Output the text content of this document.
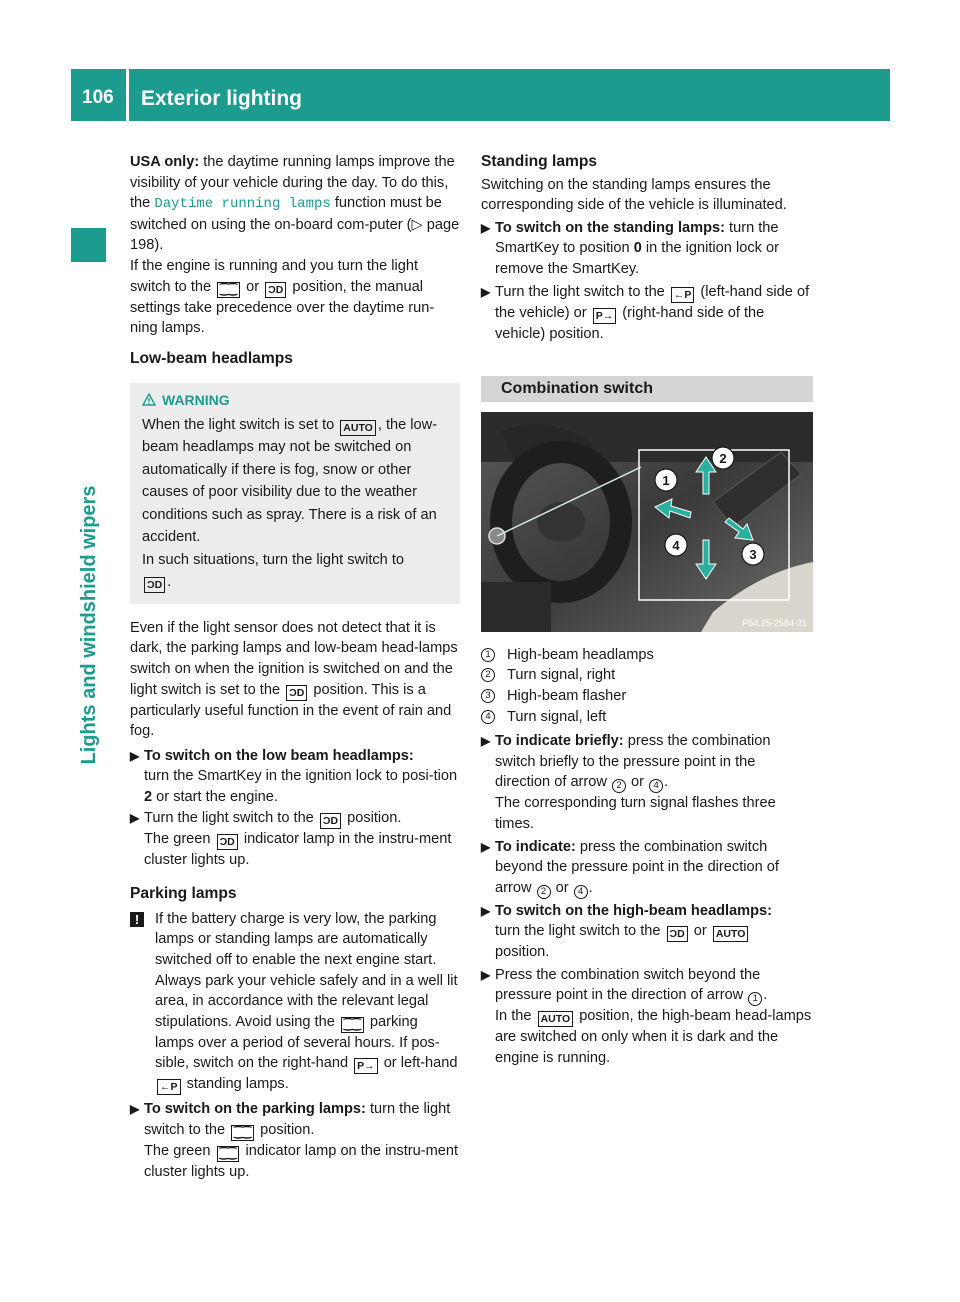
106	Exterior lighting
Lights and windshield wipers

USA only: the daytime running lamps improve the visibility of your vehicle during the day. To do this, the Daytime running lamps function must be switched on using the on-board com-puter (▷ page 198).

If the engine is running and you turn the light switch to the ⁐⁐ or ƆD position, the manual settings take precedence over the daytime run-ning lamps.

Low-beam headlamps
WARNING

When the light switch is set to AUTO , the low-beam headlamps may not be switched on automatically if there is fog, snow or other causes of poor visibility due to the weather conditions such as spray. There is a risk of an accident.

In such situations, turn the light switch to
ƆD .

Even if the light sensor does not detect that it is dark, the parking lamps and low-beam head-lamps switch on when the ignition is switched on and the light switch is set to the ƆD position. This is a particularly useful function in the event of rain and fog.

▶ To switch on the low beam headlamps:
turn the SmartKey in the ignition lock to posi-tion 2 or start the engine.
▶ Turn the light switch to the ƆD position.
The green ƆD indicator lamp in the instru-ment cluster lights up.
Parking lamps
!	If the battery charge is very low, the parking lamps or standing lamps are automatically switched off to enable the next engine start. Always park your vehicle safely and in a well lit area, in accordance with the relevant legal stipulations. Avoid using the ⁐⁐ parking lamps over a period of several hours. If pos-sible, switch on the right-hand P→ or left-hand ←P standing lamps.
▶ To switch on the parking lamps: turn the light switch to the ⁐⁐ position.
The green ⁐⁐ indicator lamp on the instru-ment cluster lights up.
Standing lamps

Switching on the standing lamps ensures the corresponding side of the vehicle is illuminated.

▶ To switch on the standing lamps: turn the SmartKey to position 0 in the ignition lock or remove the SmartKey.
▶ Turn the light switch to the ←P (left-hand side of the vehicle) or P→ (right-hand side of the vehicle) position.
Combination switch
1
2
4
3
P54.25-2584-31
1 High-beam headlamps
2 Turn signal, right
3 High-beam flasher
4 Turn signal, left
▶ To indicate briefly: press the combination switch briefly to the pressure point in the direction of arrow 2 or 4 .
The corresponding turn signal flashes three times.
▶ To indicate: press the combination switch beyond the pressure point in the direction of arrow 2 or 4 .
▶ To switch on the high-beam headlamps:
turn the light switch to the ƆD or AUTO
position.
▶ Press the combination switch beyond the pressure point in the direction of arrow 1 .
In the AUTO position, the high-beam head-lamps are switched on only when it is dark and the engine is running.
